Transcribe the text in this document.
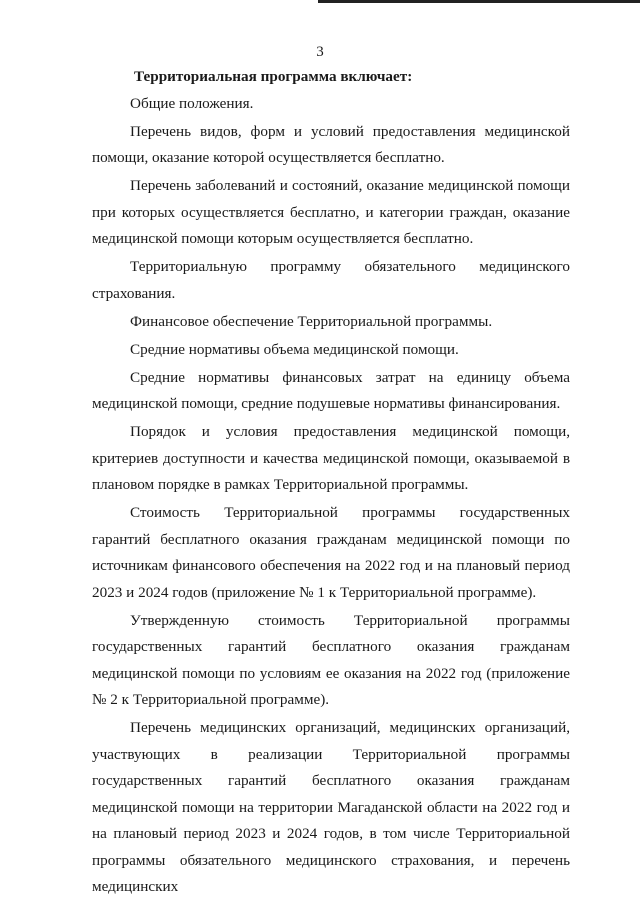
3
Территориальная программа включает:

Общие положения.

Перечень видов, форм и условий предоставления медицинской помощи, оказание которой осуществляется бесплатно.

Перечень заболеваний и состояний, оказание медицинской помощи при которых осуществляется бесплатно, и категории граждан, оказание медицинской помощи которым осуществляется бесплатно.

Территориальную программу обязательного медицинского страхования.

Финансовое обеспечение Территориальной программы.

Средние нормативы объема медицинской помощи.

Средние нормативы финансовых затрат на единицу объема медицинской помощи, средние подушевые нормативы финансирования.

Порядок и условия предоставления медицинской помощи, критериев доступности и качества медицинской помощи, оказываемой в плановом порядке в рамках Территориальной программы.

Стоимость Территориальной программы государственных гарантий бесплатного оказания гражданам медицинской помощи по источникам финансового обеспечения на 2022 год и на плановый период 2023 и 2024 годов (приложение № 1 к Территориальной программе).

Утвержденную стоимость Территориальной программы государственных гарантий бесплатного оказания гражданам медицинской помощи по условиям ее оказания на 2022 год (приложение № 2 к Территориальной программе).

Перечень медицинских организаций, медицинских организаций, участвующих в реализации Территориальной программы государственных гарантий бесплатного оказания гражданам медицинской помощи на территории Магаданской области на 2022 год и на плановый период 2023 и 2024 годов, в том числе Территориальной программы обязательного медицинского страхования, и перечень медицинских
